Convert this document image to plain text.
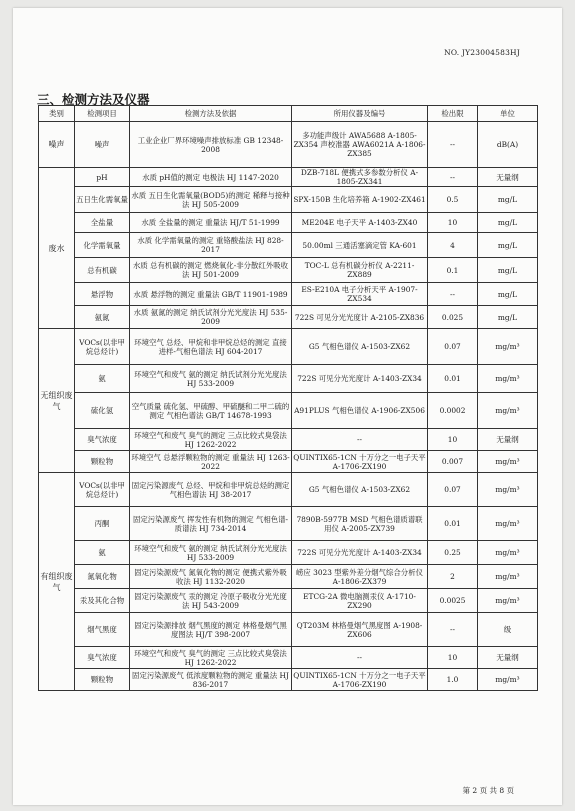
NO. JY23004583HJ
三、检测方法及仪器
类别	检测项目	检测方法及依据	所用仪器及编号	检出限	单位
噪声	噪声	工业企业厂界环境噪声排放标准 GB 12348-2008	多功能声级计 AWA5688 A-1805-ZX354 声校准器 AWA6021A A-1806-ZX385	--	dB(A)
废水	pH	水质 pH值的测定 电极法 HJ 1147-2020	DZB-718L 便携式多参数分析仪 A-1805-ZX341	--	无量纲
	五日生化需氧量	水质 五日生化需氧量(BOD5)的测定 稀释与接种法 HJ 505-2009	SPX-150B 生化培养箱 A-1902-ZX461	0.5	mg/L
	全盐量	水质 全盐量的测定 重量法 HJ/T 51-1999	ME204E 电子天平 A-1403-ZX40	10	mg/L
	化学需氧量	水质 化学需氧量的测定 重铬酸盐法 HJ 828-2017	50.00ml 三通活塞滴定管 KA-601	4	mg/L
	总有机碳	水质 总有机碳的测定 燃烧氧化-非分散红外吸收法 HJ 501-2009	TOC-L 总有机碳分析仪 A-2211-ZX889	0.1	mg/L
	悬浮物	水质 悬浮物的测定 重量法 GB/T 11901-1989	ES-E210A 电子分析天平 A-1907-ZX534	--	mg/L
	氨氮	水质 氨氮的测定 纳氏试剂分光光度法 HJ 535-2009	722S 可见分光光度计 A-2105-ZX836	0.025	mg/L
无组织废气	VOCs(以非甲烷总烃计)	环境空气 总烃、甲烷和非甲烷总烃的测定 直接进样-气相色谱法 HJ 604-2017	G5 气相色谱仪 A-1503-ZX62	0.07	mg/m³
	氨	环境空气和废气 氨的测定 纳氏试剂分光光度法 HJ 533-2009	722S 可见分光光度计 A-1403-ZX34	0.01	mg/m³
	硫化氢	空气质量 硫化氢、甲硫醇、甲硫醚和二甲二硫的测定 气相色谱法 GB/T 14678-1993	A91PLUS 气相色谱仪 A-1906-ZX506	0.0002	mg/m³
	臭气浓度	环境空气和废气 臭气的测定 三点比较式臭袋法 HJ 1262-2022	--	10	无量纲
	颗粒物	环境空气 总悬浮颗粒物的测定 重量法 HJ 1263-2022	QUINTIX65-1CN 十万分之一电子天平 A-1706-ZX190	0.007	mg/m³
有组织废气	VOCs(以非甲烷总烃计)	固定污染源废气 总烃、甲烷和非甲烷总烃的测定 气相色谱法 HJ 38-2017	G5 气相色谱仪 A-1503-ZX62	0.07	mg/m³
	丙酮	固定污染源废气 挥发性有机物的测定 气相色谱-质谱法 HJ 734-2014	7890B-5977B MSD 气相色谱质谱联用仪 A-2005-ZX739	0.01	mg/m³
	氨	环境空气和废气 氨的测定 纳氏试剂分光光度法 HJ 533-2009	722S 可见分光光度计 A-1403-ZX34	0.25	mg/m³
	氮氧化物	固定污染源废气 氮氧化物的测定 便携式紫外吸收法 HJ 1132-2020	崂应 3023 型紫外差分烟气综合分析仪 A-1806-ZX379	2	mg/m³
	汞及其化合物	固定污染源废气 汞的测定 冷原子吸收分光光度法 HJ 543-2009	ETCG-2A 微电脑测汞仪 A-1710-ZX290	0.0025	mg/m³
	烟气黑度	固定污染源排放 烟气黑度的测定 林格曼烟气黑度图法 HJ/T 398-2007	QT203M 林格曼烟气黑度图 A-1908-ZX606	--	级
	臭气浓度	环境空气和废气 臭气的测定 三点比较式臭袋法 HJ 1262-2022	--	10	无量纲
	颗粒物	固定污染源废气 低浓度颗粒物的测定 重量法 HJ 836-2017	QUINTIX65-1CN 十万分之一电子天平 A-1706-ZX190	1.0	mg/m³
第 2 页 共 8 页
